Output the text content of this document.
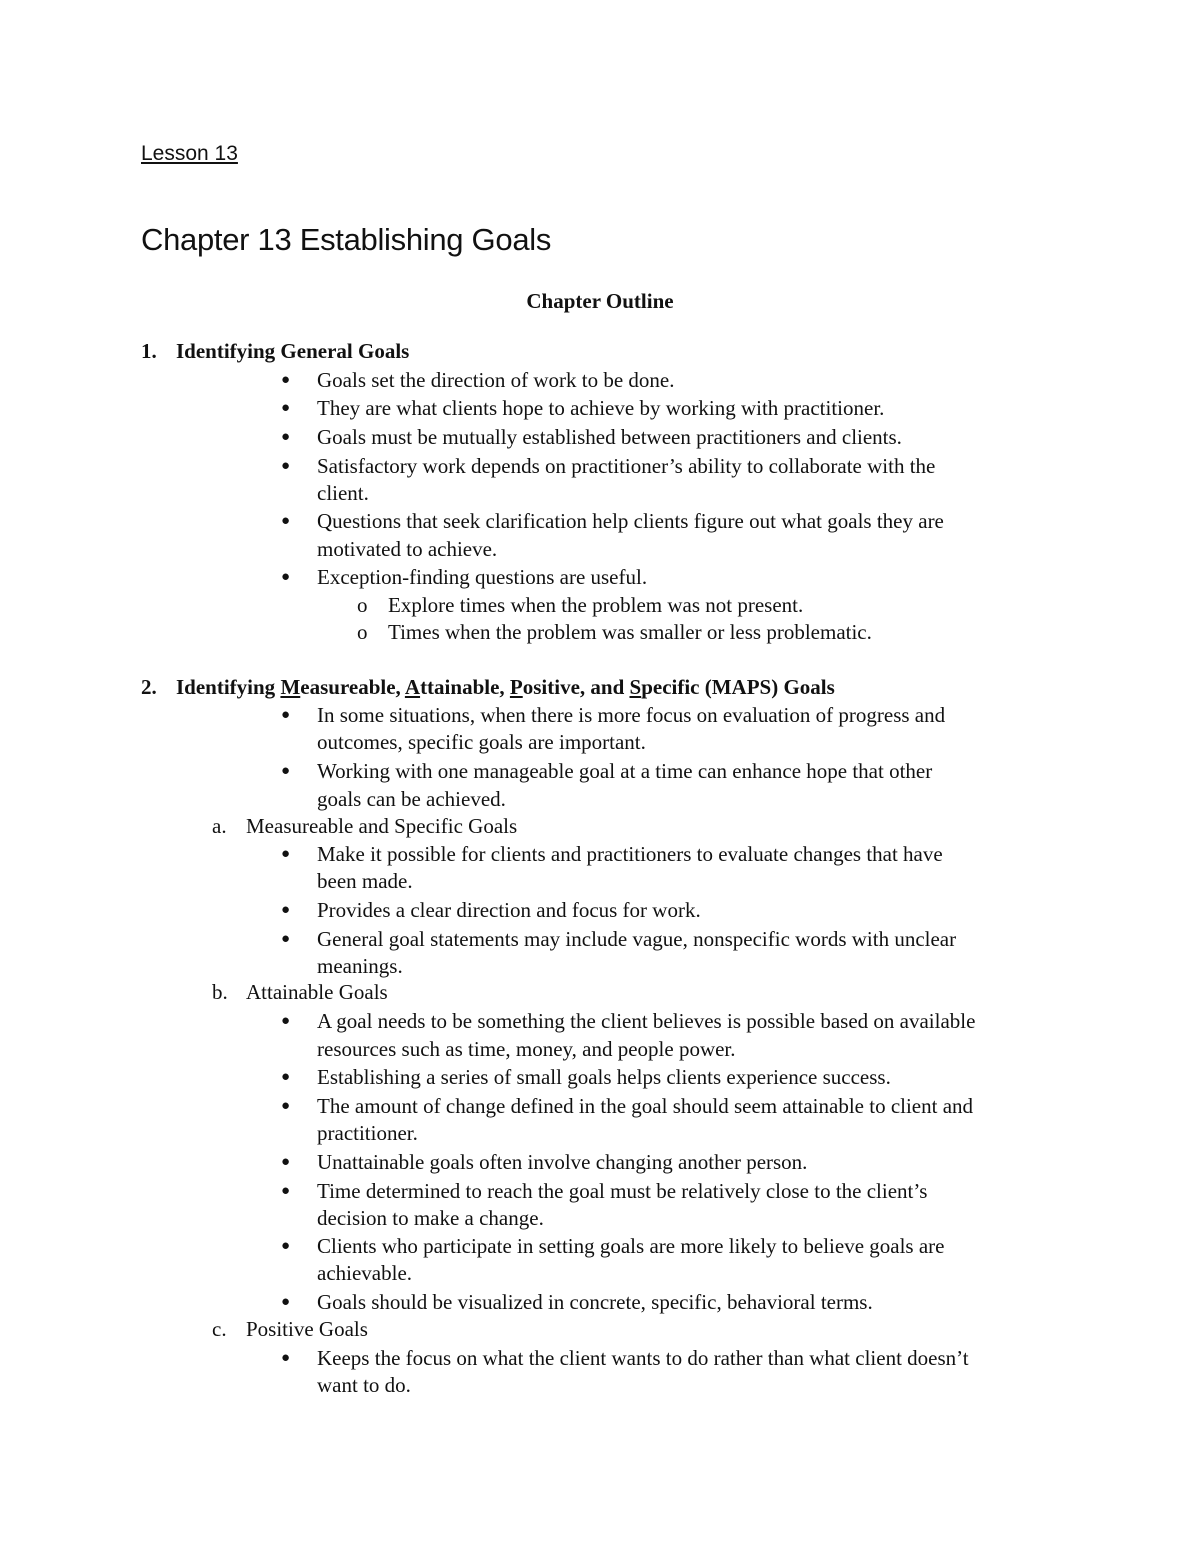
Lesson 13

Chapter 13 Establishing Goals
Chapter Outline
1. Identifying General Goals
● Goals set the direction of work to be done.
● They are what clients hope to achieve by working with practitioner.
● Goals must be mutually established between practitioners and clients.
● Satisfactory work depends on practitioner’s ability to collaborate with the
client.
● Questions that seek clarification help clients figure out what goals they are
motivated to achieve.
● Exception-finding questions are useful.
o Explore times when the problem was not present.
o Times when the problem was smaller or less problematic.
2. Identifying Measureable, Attainable, Positive, and Specific (MAPS) Goals
● In some situations, when there is more focus on evaluation of progress and
outcomes, specific goals are important.
● Working with one manageable goal at a time can enhance hope that other
goals can be achieved.
a. Measureable and Specific Goals
● Make it possible for clients and practitioners to evaluate changes that have
been made.
● Provides a clear direction and focus for work.
● General goal statements may include vague, nonspecific words with unclear
meanings.
b. Attainable Goals
● A goal needs to be something the client believes is possible based on available
resources such as time, money, and people power.
● Establishing a series of small goals helps clients experience success.
● The amount of change defined in the goal should seem attainable to client and
practitioner.
● Unattainable goals often involve changing another person.
● Time determined to reach the goal must be relatively close to the client’s
decision to make a change.
● Clients who participate in setting goals are more likely to believe goals are
achievable.
● Goals should be visualized in concrete, specific, behavioral terms.
c. Positive Goals
● Keeps the focus on what the client wants to do rather than what client doesn’t
want to do.
